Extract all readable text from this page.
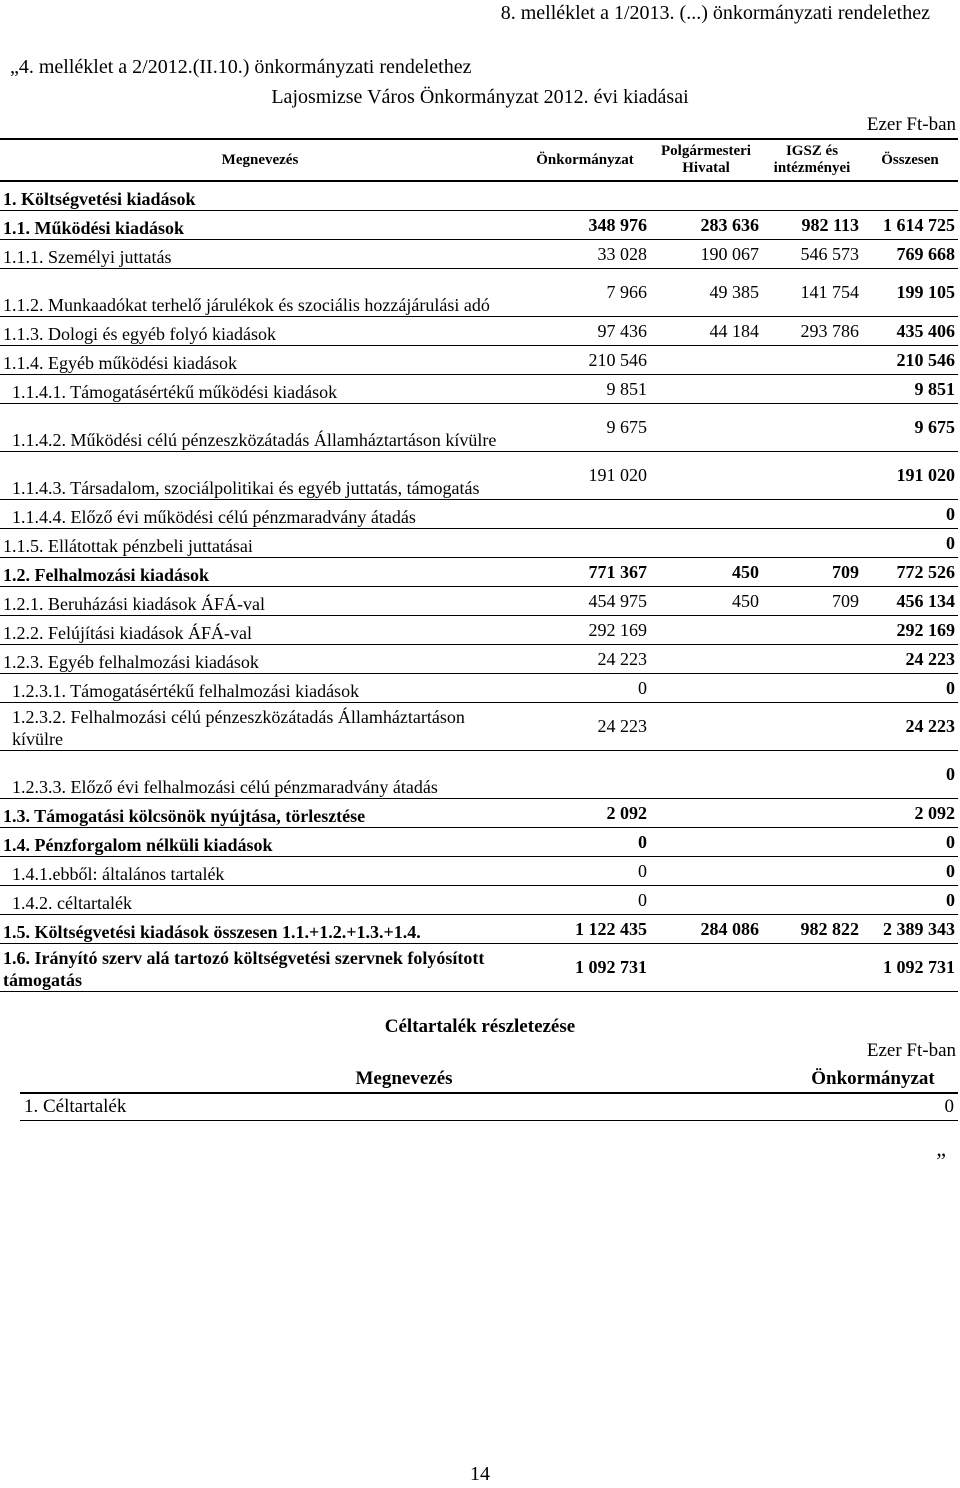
8. melléklet a 1/2013. (...) önkormányzati rendelethez
„4. melléklet a 2/2012.(II.10.) önkormányzati rendelethez
Lajosmizse Város Önkormányzat 2012. évi kiadásai
Ezer Ft-ban
Megnevezés	Önkormányzat	Polgármesteri Hivatal	IGSZ és intézményei	Összesen
1. Költségvetési kiadások				
1.1. Működési kiadások	348 976	283 636	982 113	1 614 725
1.1.1. Személyi juttatás	33 028	190 067	546 573	769 668
1.1.2. Munkaadókat terhelő járulékok és szociális hozzájárulási adó	7 966	49 385	141 754	199 105
1.1.3. Dologi és egyéb folyó kiadások	97 436	44 184	293 786	435 406
1.1.4. Egyéb működési kiadások	210 546			210 546
1.1.4.1. Támogatásértékű működési kiadások	9 851			9 851
1.1.4.2. Működési célú pénzeszközátadás Államháztartáson kívülre	9 675			9 675
1.1.4.3. Társadalom, szociálpolitikai és egyéb juttatás, támogatás	191 020			191 020
1.1.4.4. Előző évi működési célú pénzmaradvány átadás				0
1.1.5. Ellátottak pénzbeli juttatásai				0
1.2. Felhalmozási kiadások	771 367	450	709	772 526
1.2.1. Beruházási kiadások ÁFÁ-val	454 975	450	709	456 134
1.2.2. Felújítási kiadások ÁFÁ-val	292 169			292 169
1.2.3. Egyéb felhalmozási kiadások	24 223			24 223
1.2.3.1. Támogatásértékű felhalmozási kiadások	0			0
1.2.3.2. Felhalmozási célú pénzeszközátadás Államháztartáson kívülre	24 223			24 223
1.2.3.3. Előző évi felhalmozási célú pénzmaradvány átadás				0
1.3. Támogatási kölcsönök nyújtása, törlesztése	2 092			2 092
1.4. Pénzforgalom nélküli kiadások	0			0
1.4.1.ebből: általános tartalék	0			0
1.4.2. céltartalék	0			0
1.5. Költségvetési kiadások összesen 1.1.+1.2.+1.3.+1.4.	1 122 435	284 086	982 822	2 389 343
1.6. Irányító szerv alá tartozó költségvetési szervnek folyósított támogatás	1 092 731			1 092 731
Céltartalék részletezése
Ezer Ft-ban
Megnevezés	Önkormányzat
1. Céltartalék	0
”
14
